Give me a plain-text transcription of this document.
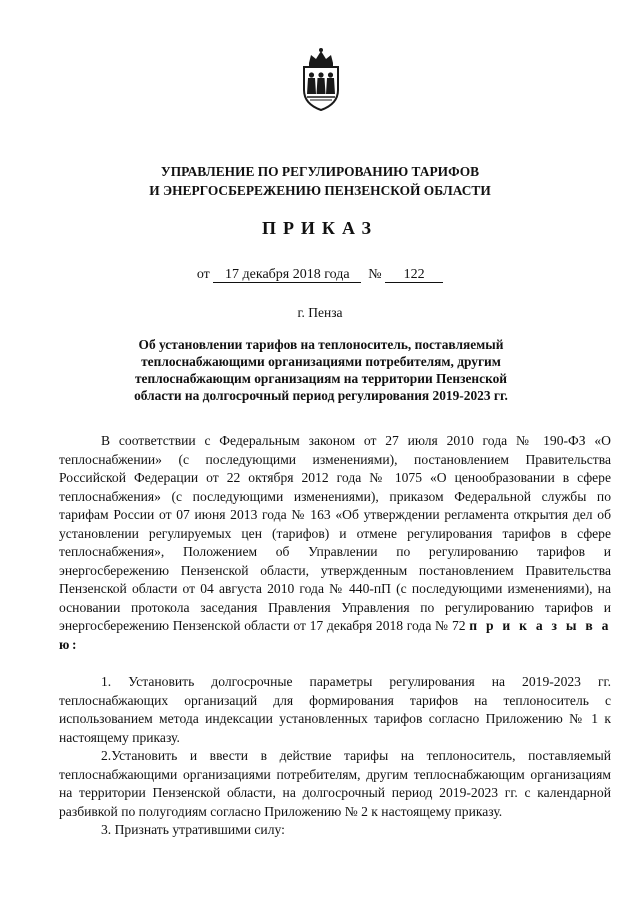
УПРАВЛЕНИЕ ПО РЕГУЛИРОВАНИЮ ТАРИФОВ
И ЭНЕРГОСБЕРЕЖЕНИЮ ПЕНЗЕНСКОЙ ОБЛАСТИ
ПРИКАЗ
от 17 декабря 2018 года № 122
г. Пенза
Об установлении тарифов на теплоноситель, поставляемый теплоснабжающими организациями потребителям, другим теплоснабжающим организациям на территории Пензенской области на долгосрочный период регулирования 2019-2023 гг.

В соответствии с Федеральным законом от 27 июля 2010 года № 190-ФЗ «О теплоснабжении» (с последующими изменениями), постановлением Правительства Российской Федерации от 22 октября 2012 года № 1075 «О ценообразовании в сфере теплоснабжения» (с последующими изменениями), приказом Федеральной службы по тарифам России от 07 июня 2013 года № 163 «Об утверждении регламента открытия дел об установлении регулируемых цен (тарифов) и отмене регулирования тарифов в сфере теплоснабжения», Положением об Управлении по регулированию тарифов и энергосбережению Пензенской области, утвержденным постановлением Правительства Пензенской области от 04 августа 2010 года № 440-пП (с последующими изменениями), на основании протокола заседания Правления Управления по регулированию тарифов и энергосбережению Пензенской области от 17 декабря 2018 года № 72 п р и к а з ы в а ю:

1. Установить долгосрочные параметры регулирования на 2019-2023 гг. теплоснабжающих организаций для формирования тарифов на теплоноситель с использованием метода индексации установленных тарифов согласно Приложению № 1 к настоящему приказу.

2.Установить и ввести в действие тарифы на теплоноситель, поставляемый теплоснабжающими организациями потребителям, другим теплоснабжающим организациям на территории Пензенской области, на долгосрочный период 2019-2023 гг. с календарной разбивкой по полугодиям согласно Приложению № 2 к настоящему приказу.

3. Признать утратившими силу:
